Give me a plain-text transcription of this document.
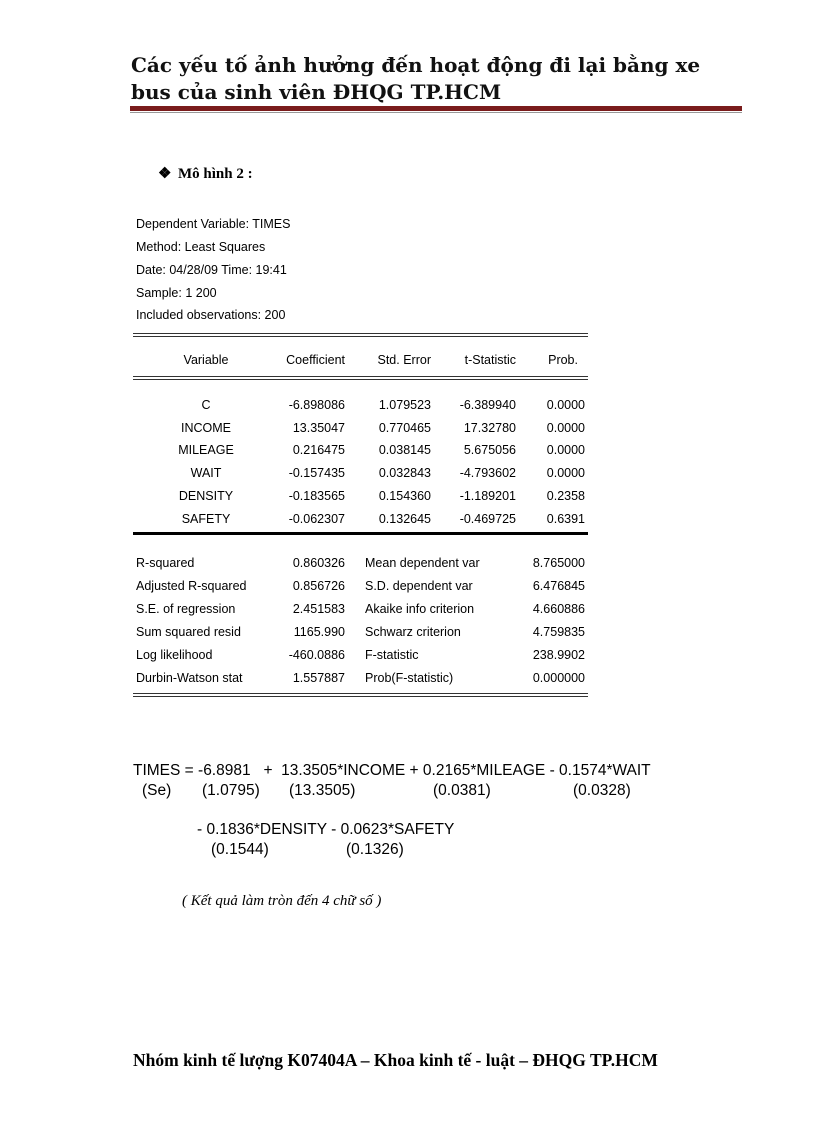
Các yếu tố ảnh hưởng đến hoạt động đi lại bằng xe bus của sinh viên ĐHQG TP.HCM
❖ Mô hình 2 :
Dependent Variable: TIMES
Method: Least Squares
Date: 04/28/09 Time: 19:41
Sample: 1 200
Included observations: 200
Variable	Coefficient	Std. Error	t-Statistic	Prob.
C	-6.898086	1.079523	-6.389940	0.0000
INCOME	13.35047	0.770465	17.32780	0.0000
MILEAGE	0.216475	0.038145	5.675056	0.0000
WAIT	-0.157435	0.032843	-4.793602	0.0000
DENSITY	-0.183565	0.154360	-1.189201	0.2358
SAFETY	-0.062307	0.132645	-0.469725	0.6391
R-squared	0.860326 Mean dependent var	8.765000
Adjusted R-squared	0.856726 S.D. dependent var	6.476845
S.E. of regression	2.451583 Akaike info criterion	4.660886
Sum squared resid	1165.990 Schwarz criterion	4.759835
Log likelihood	-460.0886 F-statistic	238.9902
Durbin-Watson stat	1.557887 Prob(F-statistic)	0.000000
TIMES = -6.8981   +  13.3505*INCOME + 0.2165*MILEAGE - 0.1574*WAIT
(Se) (1.0795) (13.3505)	(0.0381)	(0.0328)
- 0.1836*DENSITY - 0.0623*SAFETY
(0.1544)	(0.1326)
( Kết quả làm tròn đến 4 chữ số )
Nhóm kinh tế lượng K07404A – Khoa kinh tế - luật – ĐHQG TP.HCM
